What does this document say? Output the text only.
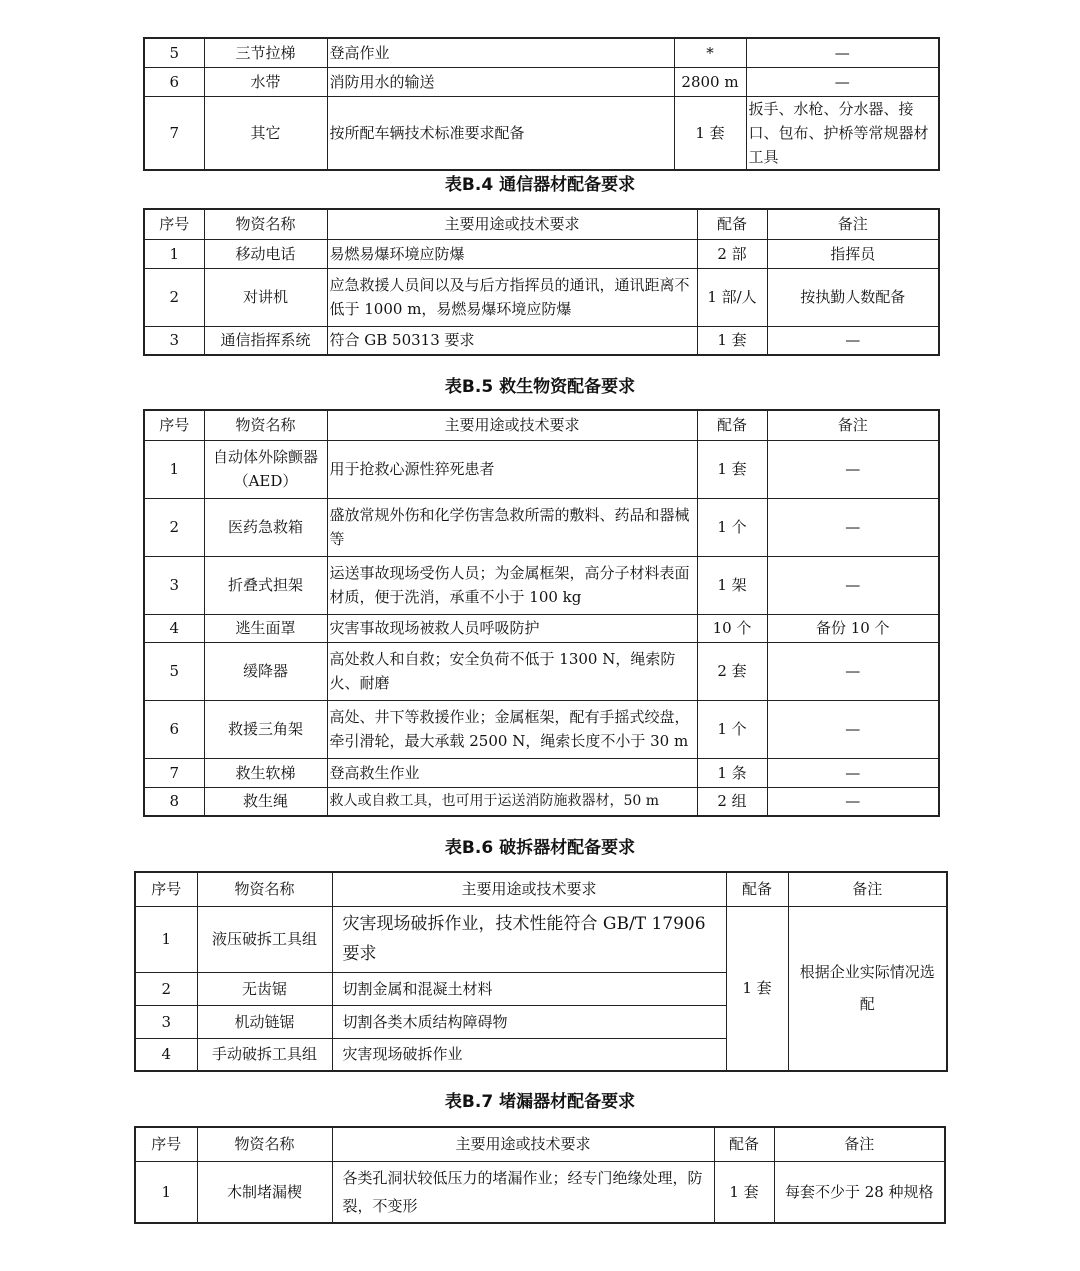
5	三节拉梯	登高作业	*	—
6	水带	消防用水的输送	2800 m	—
7	其它	按所配车辆技术标准要求配备	1 套	扳手、水枪、分水器、接口、包布、护桥等常规器材工具
表B.4 通信器材配备要求
序号	物资名称	主要用途或技术要求	配备	备注
1	移动电话	易燃易爆环境应防爆	2 部	指挥员
2	对讲机	应急救援人员间以及与后方指挥员的通讯，通讯距离不低于 1000 m，易燃易爆环境应防爆	1 部/人	按执勤人数配备
3	通信指挥系统	符合 GB 50313 要求	1 套	—
表B.5 救生物资配备要求
序号	物资名称	主要用途或技术要求	配备	备注
1	自动体外除颤器（AED）	用于抢救心源性猝死患者	1 套	—
2	医药急救箱	盛放常规外伤和化学伤害急救所需的敷料、药品和器械等	1 个	—
3	折叠式担架	运送事故现场受伤人员；为金属框架，高分子材料表面材质，便于洗消，承重不小于 100 kg	1 架	—
4	逃生面罩	灾害事故现场被救人员呼吸防护	10 个	备份 10 个
5	缓降器	高处救人和自救；安全负荷不低于 1300 N，绳索防火、耐磨	2 套	—
6	救援三角架	高处、井下等救援作业；金属框架，配有手摇式绞盘，牵引滑轮，最大承载 2500 N，绳索长度不小于 30 m	1 个	—
7	救生软梯	登高救生作业	1 条	—
8	救生绳	救人或自救工具，也可用于运送消防施救器材，50 m	2 组	—
表B.6 破拆器材配备要求
序号	物资名称	主要用途或技术要求	配备	备注
1	液压破拆工具组	灾害现场破拆作业，技术性能符合 GB/T 17906 要求	1 套	根据企业实际情况选配
2	无齿锯	切割金属和混凝土材料		
3	机动链锯	切割各类木质结构障碍物		
4	手动破拆工具组	灾害现场破拆作业		
表B.7 堵漏器材配备要求
序号	物资名称	主要用途或技术要求	配备	备注
1	木制堵漏楔	各类孔洞状较低压力的堵漏作业；经专门绝缘处理，防裂，不变形	1 套	每套不少于 28 种规格
